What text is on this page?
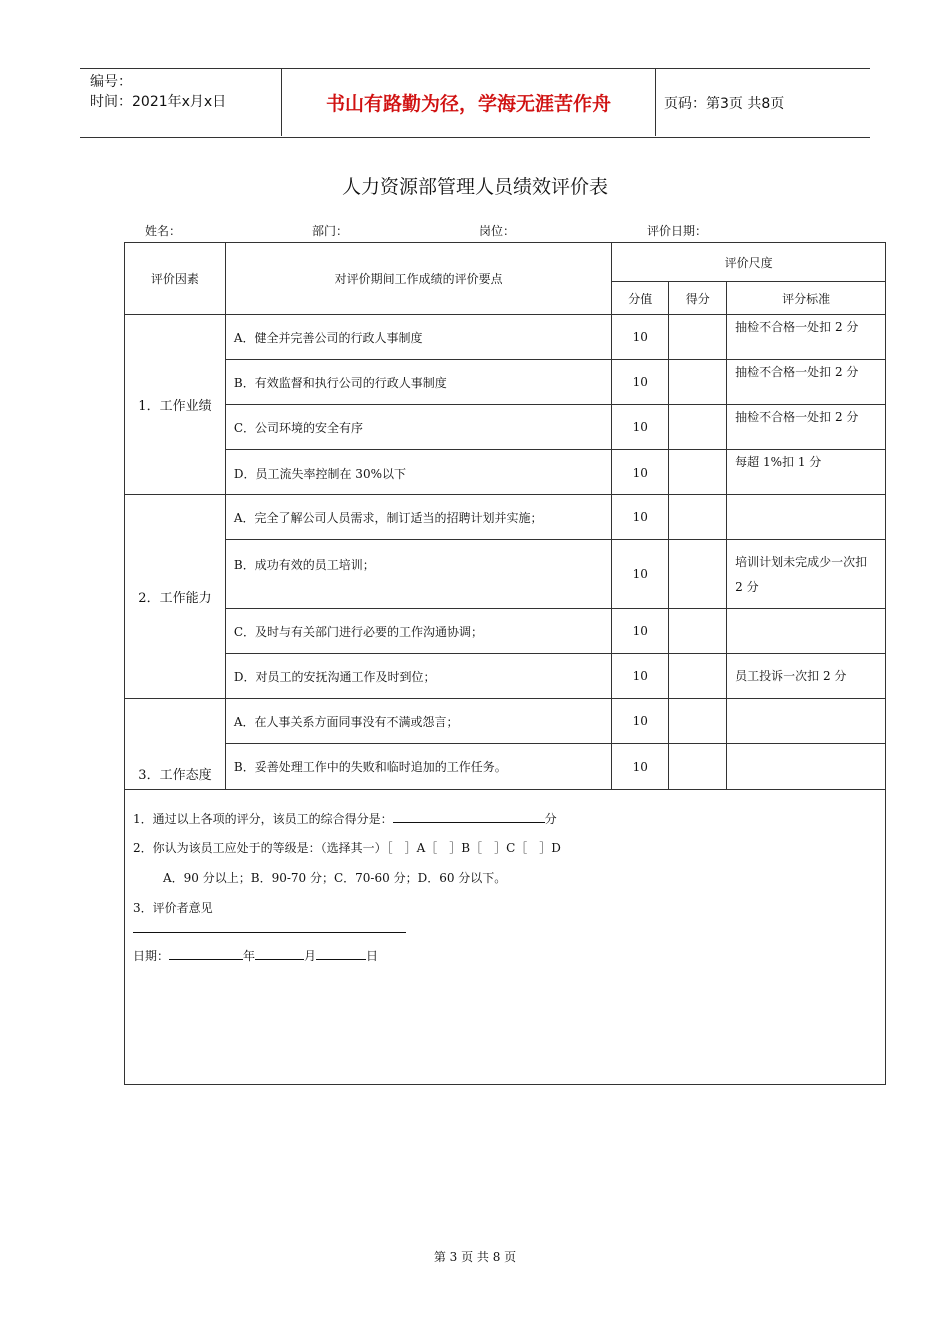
编号：
时间：2021年x月x日	书山有路勤为径，学海无涯苦作舟	页码：第3页 共8页
人力资源部管理人员绩效评价表
姓名：	部门：	岗位：	评价日期：
评价因素	对评价期间工作成绩的评价要点	评价尺度		
		分值	得分	评分标准
1．工作业绩	A．健全并完善公司的行政人事制度	10		抽检不合格一处扣 2 分
	B．有效监督和执行公司的行政人事制度	10		抽检不合格一处扣 2 分
	C．公司环境的安全有序	10		抽检不合格一处扣 2 分
	D．员工流失率控制在 30%以下	10		每超 1%扣 1 分
2．工作能力	A．完全了解公司人员需求，制订适当的招聘计划并实施；	10		
	B．成功有效的员工培训；	10		培训计划未完成少一次扣 2 分
	C．及时与有关部门进行必要的工作沟通协调；	10		
	D．对员工的安抚沟通工作及时到位；	10		员工投诉一次扣 2 分
3．工作态度	A．在人事关系方面同事没有不满或怨言；	10		
	B．妥善处理工作中的失败和临时追加的工作任务。	10		

1．通过以上各项的评分，该员工的综合得分是： 分
2．你认为该员工应处于的等级是：（选择其一）［　］A［　］B［　］C［　］D
A．90 分以上；B．90-70 分；C．70-60 分；D．60 分以下。
3．评价者意见
日期： 年 月 日				
第 3 页 共 8 页
